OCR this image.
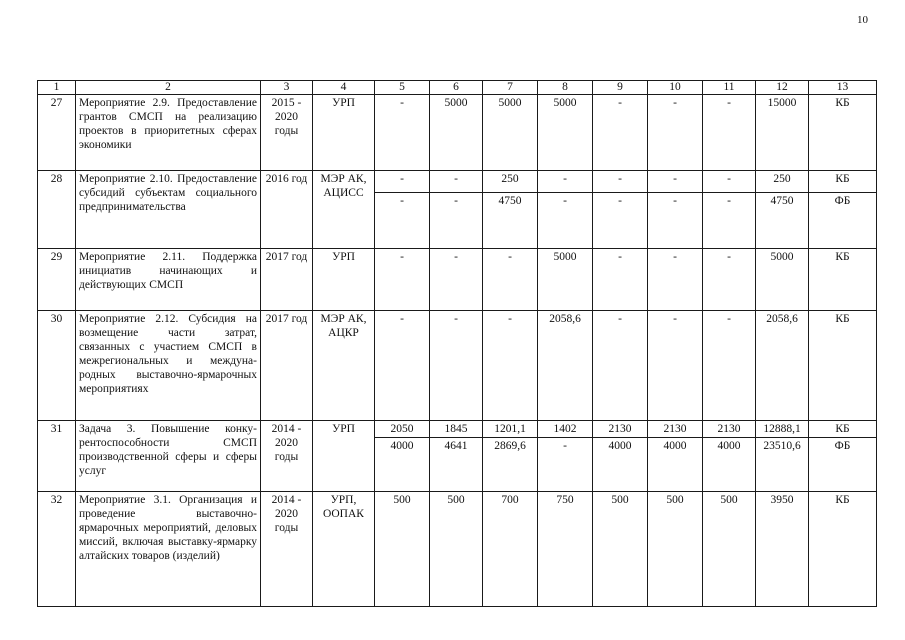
10
1	2	3	4	5	6	7	8	9	10	11	12	13
27	Мероприятие 2.9. Предоставление грантов СМСП на реализацию проектов в приоритетных сферах экономики	2015 - 2020 годы	УРП	-	5000	5000	5000	-	-	-	15000	КБ
28	Мероприятие 2.10. Предоставление субсидий субъектам социального предпринимательства	2016 год	МЭР АК, АЦИСС	-	-	250	-	-	-	-	250	КБ
				-	-	4750	-	-	-	-	4750	ФБ
29	Мероприятие 2.11. Поддержка инициатив начинающих и действующих СМСП	2017 год	УРП	-	-	-	5000	-	-	-	5000	КБ
30	Мероприятие 2.12. Субсидия на возмещение части затрат, связанных с участием СМСП в межрегиональных и международных выставочно-ярмарочных мероприятиях	2017 год	МЭР АК, АЦКР	-	-	-	2058,6	-	-	-	2058,6	КБ
31	Задача 3. Повышение конкурентоспособности СМСП производственной сферы и сферы услуг	2014 - 2020 годы	УРП	2050	1845	1201,1	1402	2130	2130	2130	12888,1	КБ
				4000	4641	2869,6	-	4000	4000	4000	23510,6	ФБ
32	Мероприятие 3.1. Организация и проведение выставочно-ярмарочных мероприятий, деловых миссий, включая выставку-ярмарку алтайских товаров (изделий)	2014 - 2020 годы	УРП, ООПАК	500	500	700	750	500	500	500	3950	КБ
